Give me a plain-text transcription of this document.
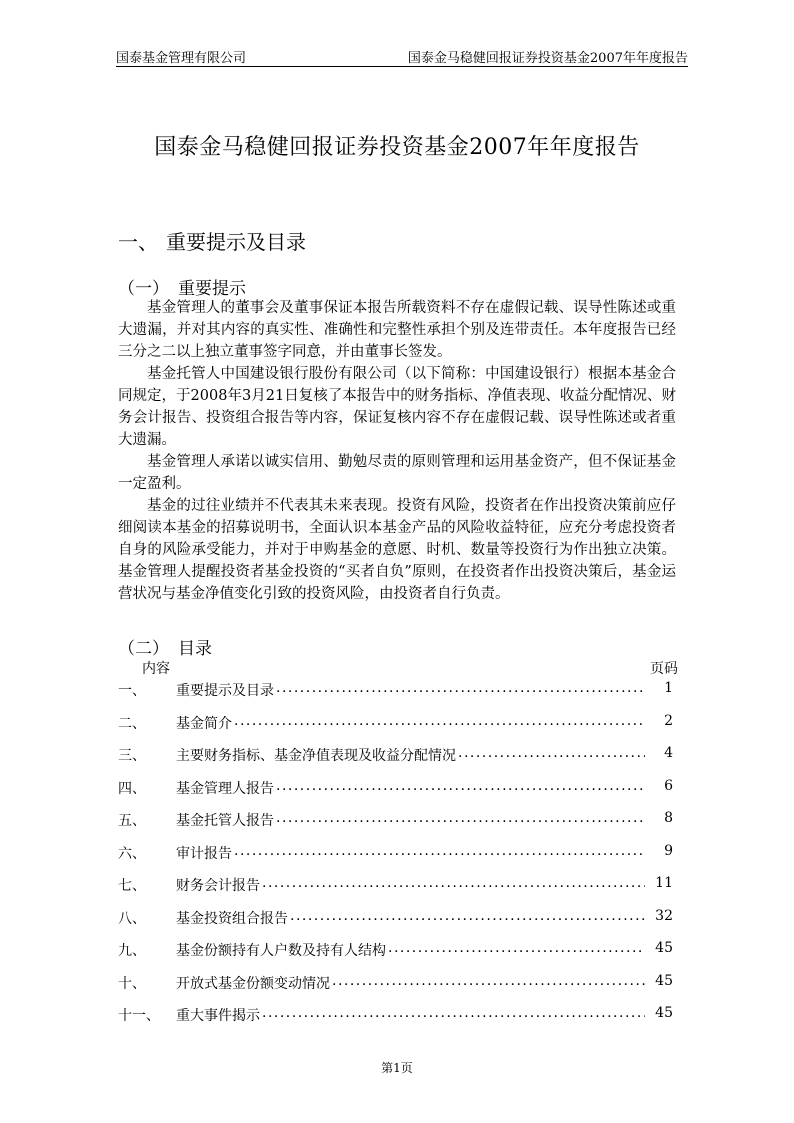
国泰基金管理有限公司	国泰金马稳健回报证券投资基金2007年年度报告
国泰金马稳健回报证券投资基金2007年年度报告
一、 重要提示及目录
（一） 重要提示

基金管理人的董事会及董事保证本报告所载资料不存在虚假记载、误导性陈述或重大遗漏，并对其内容的真实性、准确性和完整性承担个别及连带责任。本年度报告已经三分之二以上独立董事签字同意，并由董事长签发。

基金托管人中国建设银行股份有限公司（以下简称：中国建设银行）根据本基金合同规定，于2008年3月21日复核了本报告中的财务指标、净值表现、收益分配情况、财务会计报告、投资组合报告等内容，保证复核内容不存在虚假记载、误导性陈述或者重大遗漏。

基金管理人承诺以诚实信用、勤勉尽责的原则管理和运用基金资产，但不保证基金一定盈利。

基金的过往业绩并不代表其未来表现。投资有风险，投资者在作出投资决策前应仔细阅读本基金的招募说明书，全面认识本基金产品的风险收益特征，应充分考虑投资者自身的风险承受能力，并对于申购基金的意愿、时机、数量等投资行为作出独立决策。基金管理人提醒投资者基金投资的“买者自负”原则，在投资者作出投资决策后，基金运营状况与基金净值变化引致的投资风险，由投资者自行负责。

（二） 目录
内容	页码
一、	重要提示及目录 .....	1
二、	基金简介 .....	2
三、	主要财务指标、基金净值表现及收益分配情况 .....	4
四、	基金管理人报告 .....	6
五、	基金托管人报告 .....	8
六、	审计报告 .....	9
七、	财务会计报告 .....	11
八、	基金投资组合报告 .....	32
九、	基金份额持有人户数及持有人结构 .....	45
十、	开放式基金份额变动情况 .....	45
十一、	重大事件揭示 .....	45
第1页
